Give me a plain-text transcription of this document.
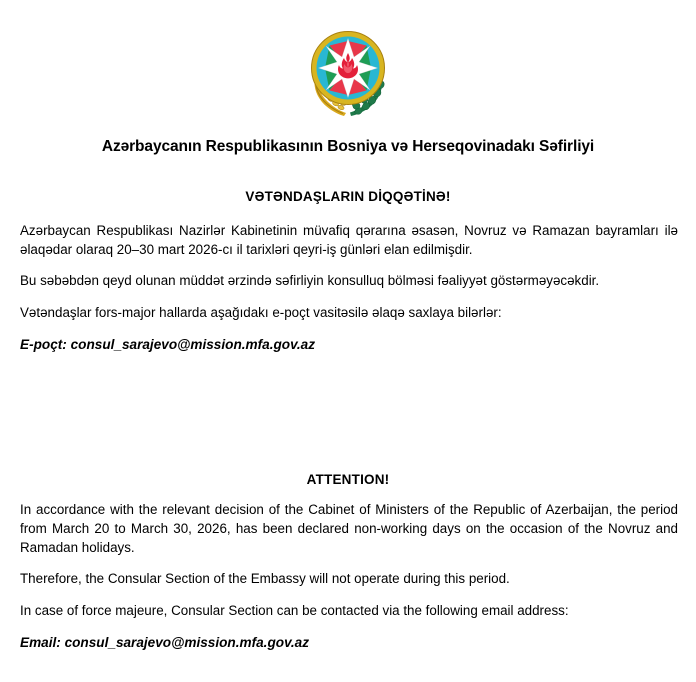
Azərbaycanın Respublikasının Bosniya və Herseqovinadakı Səfirliyi
VƏTƏNDAŞLARIN DİQQƏTİNƏ!

Azərbaycan Respublikası Nazirlər Kabinetinin müvafiq qərarına əsasən, Novruz və Ramazan bayramları ilə əlaqədar olaraq 20–30 mart 2026-cı il tarixləri qeyri-iş günləri elan edilmişdir.

Bu səbəbdən qeyd olunan müddət ərzində səfirliyin konsulluq bölməsi fəaliyyət göstərməyəcəkdir.

Vətəndaşlar fors-major hallarda aşağıdakı e-poçt vasitəsilə əlaqə saxlaya bilərlər:

E-poçt: consul_sarajevo@mission.mfa.gov.az

ATTENTION!

In accordance with the relevant decision of the Cabinet of Ministers of the Republic of Azerbaijan, the period from March 20 to March 30, 2026, has been declared non-working days on the occasion of the Novruz and Ramadan holidays.

Therefore, the Consular Section of the Embassy will not operate during this period.

In case of force majeure, Consular Section can be contacted via the following email address:

Email: consul_sarajevo@mission.mfa.gov.az
